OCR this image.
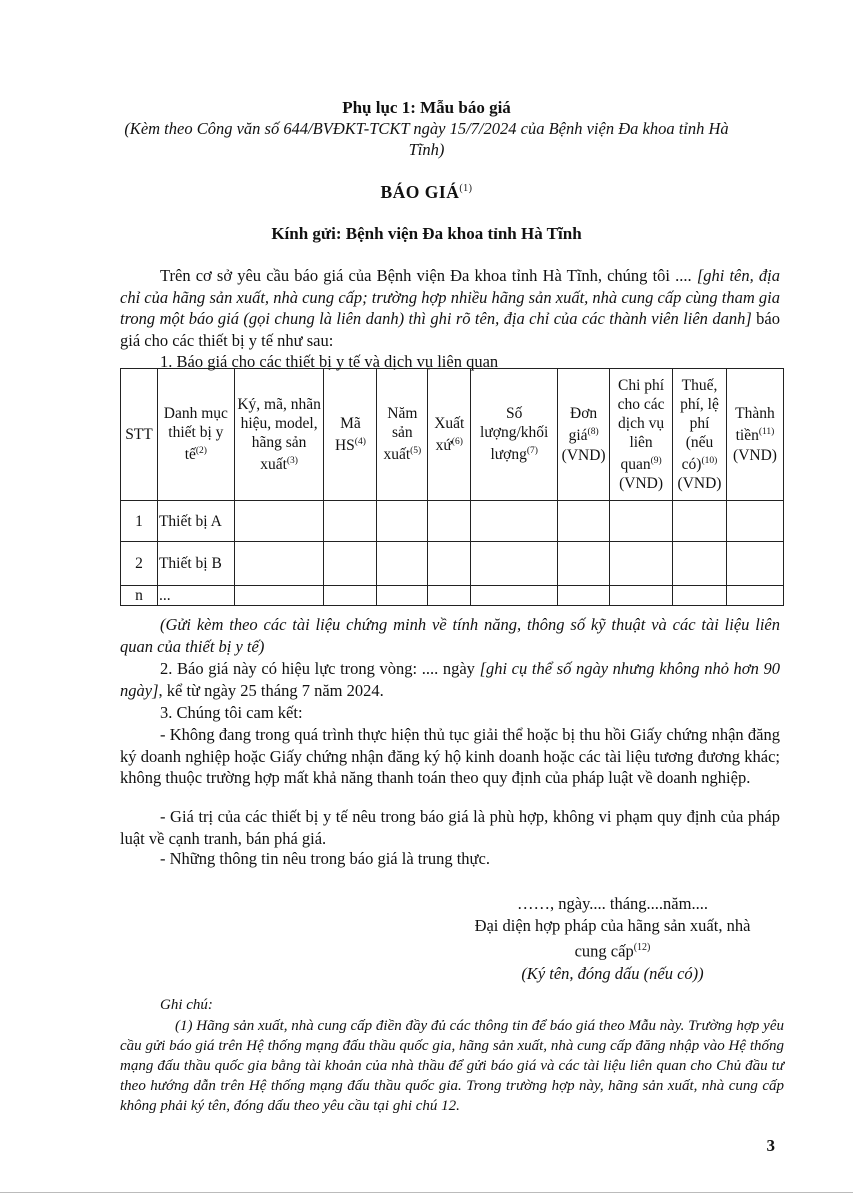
Phụ lục 1: Mẫu báo giá

(Kèm theo Công văn số 644/BVĐKT-TCKT ngày 15/7/2024 của Bệnh viện Đa khoa tỉnh Hà Tĩnh)

BÁO GIÁ$^{(1)}$

Kính gửi: Bệnh viện Đa khoa tỉnh Hà Tĩnh

Trên cơ sở yêu cầu báo giá của Bệnh viện Đa khoa tỉnh Hà Tĩnh, chúng tôi .... [ghi tên, địa chỉ của hãng sản xuất, nhà cung cấp; trường hợp nhiều hãng sản xuất, nhà cung cấp cùng tham gia trong một báo giá (gọi chung là liên danh) thì ghi rõ tên, địa chỉ của các thành viên liên danh] báo giá cho các thiết bị y tế như sau:

1. Báo giá cho các thiết bị y tế và dịch vụ liên quan

STT	Danh mục thiết bị y tế$^{(2)}$	Ký, mã, nhãn hiệu, model, hãng sản xuất$^{(3)}$	Mã HS$^{(4)}$	Năm sản xuất$^{(5)}$	Xuất xứ$^{(6)}$	Số lượng/khối lượng$^{(7)}$	Đơn giá$^{(8)}$ (VND)	Chi phí cho các dịch vụ liên quan$^{(9)}$ (VND)	Thuế, phí, lệ phí (nếu có)$^{(10)}$ (VND)	Thành tiền$^{(11)}$ (VND)
1	Thiết bị A									
2	Thiết bị B									
n	...									

(Gửi kèm theo các tài liệu chứng minh về tính năng, thông số kỹ thuật và các tài liệu liên quan của thiết bị y tế)

2. Báo giá này có hiệu lực trong vòng: .... ngày [ghi cụ thể số ngày nhưng không nhỏ hơn 90 ngày], kể từ ngày 25 tháng 7 năm 2024.

3. Chúng tôi cam kết:

- Không đang trong quá trình thực hiện thủ tục giải thể hoặc bị thu hồi Giấy chứng nhận đăng ký doanh nghiệp hoặc Giấy chứng nhận đăng ký hộ kinh doanh hoặc các tài liệu tương đương khác; không thuộc trường hợp mất khả năng thanh toán theo quy định của pháp luật về doanh nghiệp.

- Giá trị của các thiết bị y tế nêu trong báo giá là phù hợp, không vi phạm quy định của pháp luật về cạnh tranh, bán phá giá.

- Những thông tin nêu trong báo giá là trung thực.

……, ngày.... tháng....năm....

Đại diện hợp pháp của hãng sản xuất, nhà

cung cấp$^{(12)}$

(Ký tên, đóng dấu (nếu có))

Ghi chú:

(1) Hãng sản xuất, nhà cung cấp điền đầy đủ các thông tin để báo giá theo Mẫu này. Trường hợp yêu cầu gửi báo giá trên Hệ thống mạng đấu thầu quốc gia, hãng sản xuất, nhà cung cấp đăng nhập vào Hệ thống mạng đấu thầu quốc gia bằng tài khoản của nhà thầu để gửi báo giá và các tài liệu liên quan cho Chủ đầu tư theo hướng dẫn trên Hệ thống mạng đấu thầu quốc gia. Trong trường hợp này, hãng sản xuất, nhà cung cấp không phải ký tên, đóng dấu theo yêu cầu tại ghi chú 12.

3
